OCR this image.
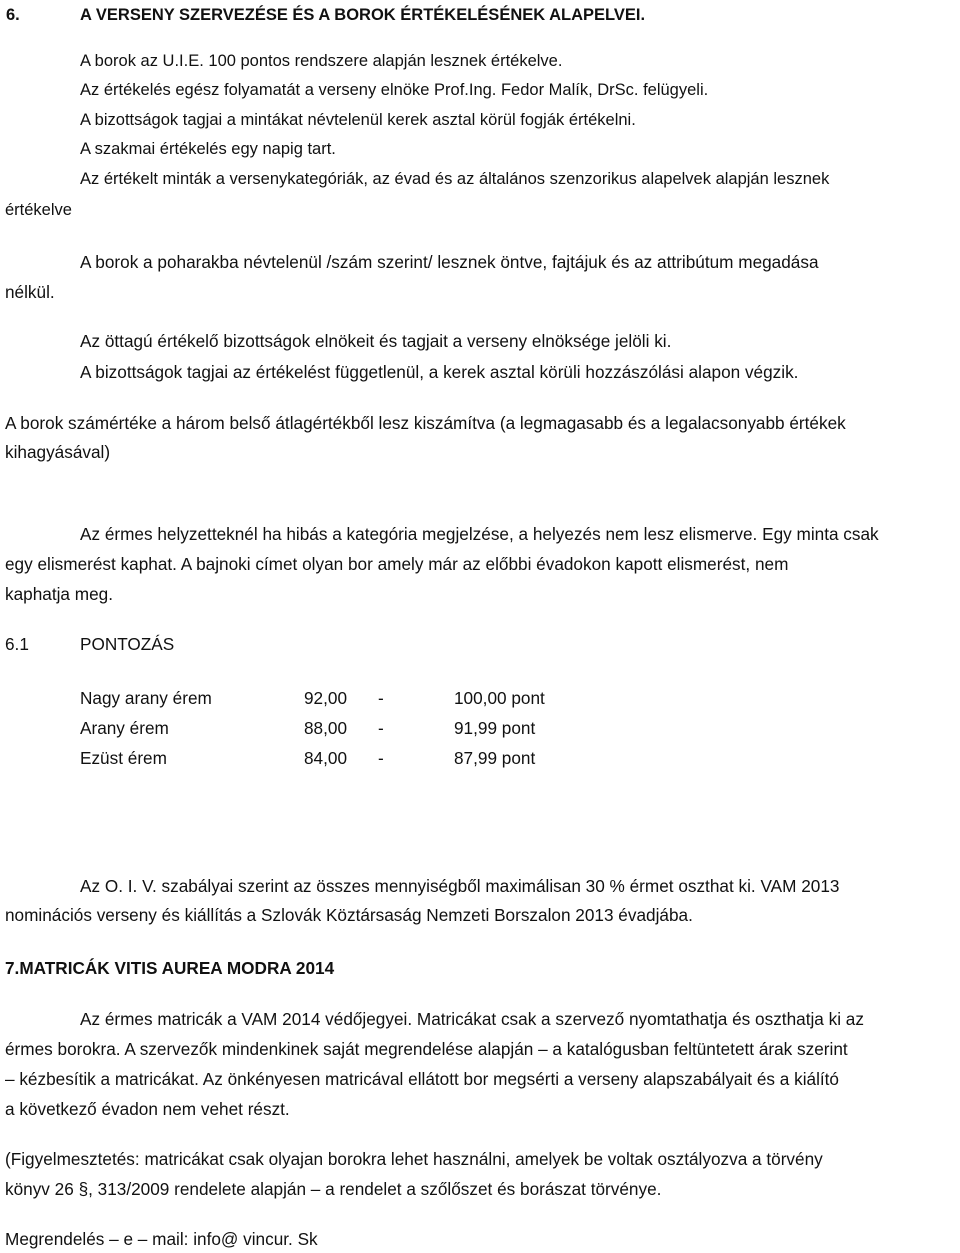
6.	A VERSENY SZERVEZÉSE ÉS A BOROK ÉRTÉKELÉSÉNEK ALAPELVEI.
A borok az U.I.E. 100 pontos rendszere alapján lesznek értékelve.
Az értékelés egész folyamatát a verseny elnöke Prof.Ing. Fedor Malík, DrSc. felügyeli.
A bizottságok tagjai a mintákat névtelenül kerek asztal körül fogják értékelni.
A szakmai értékelés egy napig tart.
Az értékelt minták a versenykategóriák, az évad és az általános szenzorikus alapelvek alapján lesznek
értékelve
A borok a poharakba névtelenül /szám szerint/ lesznek öntve, fajtájuk és az attribútum megadása
nélkül.
Az öttagú értékelő bizottságok elnökeit és tagjait a verseny elnöksége jelöli ki.
A bizottságok tagjai az értékelést függetlenül, a kerek asztal körüli hozzászólási alapon végzik.
A borok számértéke a három belső átlagértékből lesz kiszámítva (a legmagasabb és a legalacsonyabb értékek
kihagyásával)
Az érmes helyzetteknél ha hibás a kategória megjelzése, a helyezés nem lesz elismerve. Egy minta csak
egy elismerést kaphat. A bajnoki címet olyan bor amely már az előbbi évadokon kapott elismerést, nem
kaphatja meg.
6.1	PONTOZÁS
Nagy arany érem	92,00	-	100,00 pont
Arany érem	88,00	-	91,99 pont
Ezüst érem	84,00	-	87,99 pont
Az O. I. V. szabályai szerint az összes mennyiségből maximálisan 30 % érmet oszthat ki. VAM 2013
nominációs verseny és kiállítás a Szlovák Köztársaság Nemzeti Borszalon 2013 évadjába.
7.MATRICÁK VITIS AUREA MODRA 2014
Az érmes matricák a VAM 2014 védőjegyei. Matricákat csak a szervező nyomtathatja és oszthatja ki az
érmes borokra. A szervezők mindenkinek saját megrendelése alapján – a katalógusban feltüntetett árak szerint
– kézbesítik a matricákat. Az önkényesen matricával ellátott bor megsérti a verseny alapszabályait és a kiálító
a következő évadon nem vehet részt.
(Figyelmesztetés: matricákat csak olyajan borokra lehet használni, amelyek be voltak osztályozva a törvény
könyv 26 §, 313/2009 rendelete alapján – a rendelet a szőlőszet és borászat törvénye.
Megrendelés – e – mail: info@ vincur. Sk
